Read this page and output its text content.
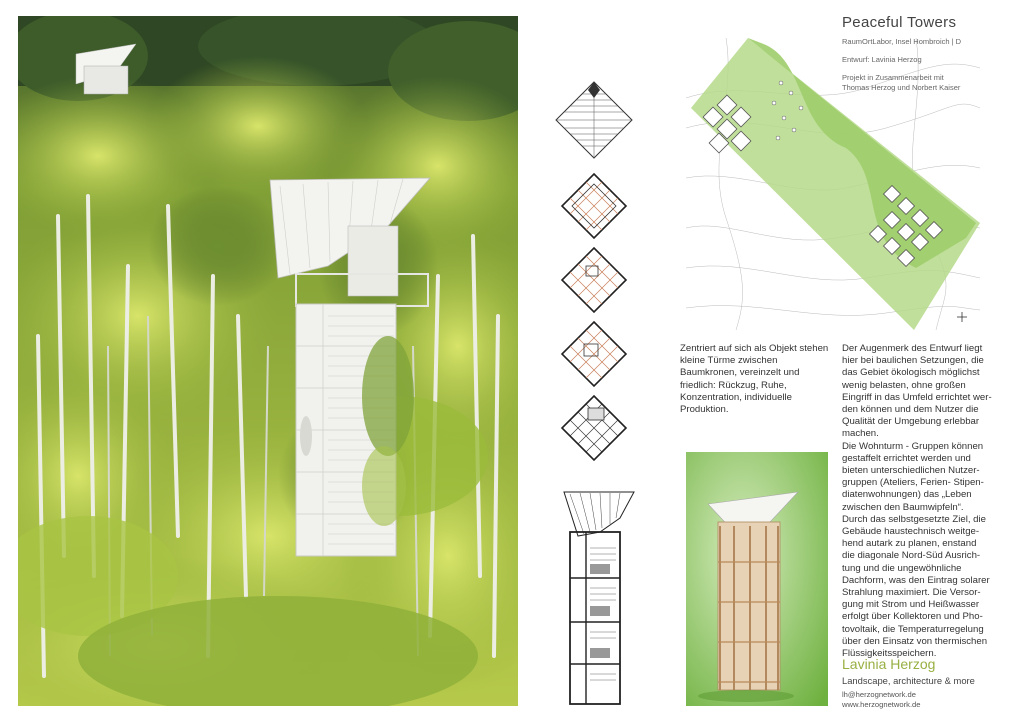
Peaceful Towers
RaumOrtLabor, Insel Hombroich | D
Entwurf: Lavinia Herzog
Projekt in Zusammenarbeit mit
Thomas Herzog und Norbert Kaiser
Zentriert auf sich als Objekt stehen kleine Türme zwischen Baumkronen, vereinzelt und friedlich: Rückzug, Ruhe, Konzentration, individuelle Produktion.
Der Augenmerk des Entwurf liegt
hier bei baulichen Setzungen, die
das Gebiet ökologisch möglichst
wenig belasten, ohne großen
Eingriff in das Umfeld errichtet wer-
den können und dem Nutzer die
Qualität der Umgebung erlebbar
machen.
Die Wohnturm - Gruppen können
gestaffelt errichtet werden und
bieten unterschiedlichen Nutzer-
gruppen (Ateliers, Ferien- Stipen-
diatenwohnungen) das „Leben
zwischen den Baumwipfeln“.
Durch das selbstgesetzte Ziel, die
Gebäude haustechnisch weitge-
hend autark zu planen, enstand
die diagonale Nord-Süd Ausrich-
tung und die ungewöhnliche
Dachform, was den Eintrag solarer
Strahlung maximiert. Die Versor-
gung mit Strom und Heißwasser
erfolgt über Kollektoren und Pho-
tovoltaik, die Temperaturregelung
über den Einsatz von thermischen
Flüssigkeitsspeichern.
Lavinia Herzog
Landscape, architecture & more
lh@herzognetwork.de
www.herzognetwork.de
